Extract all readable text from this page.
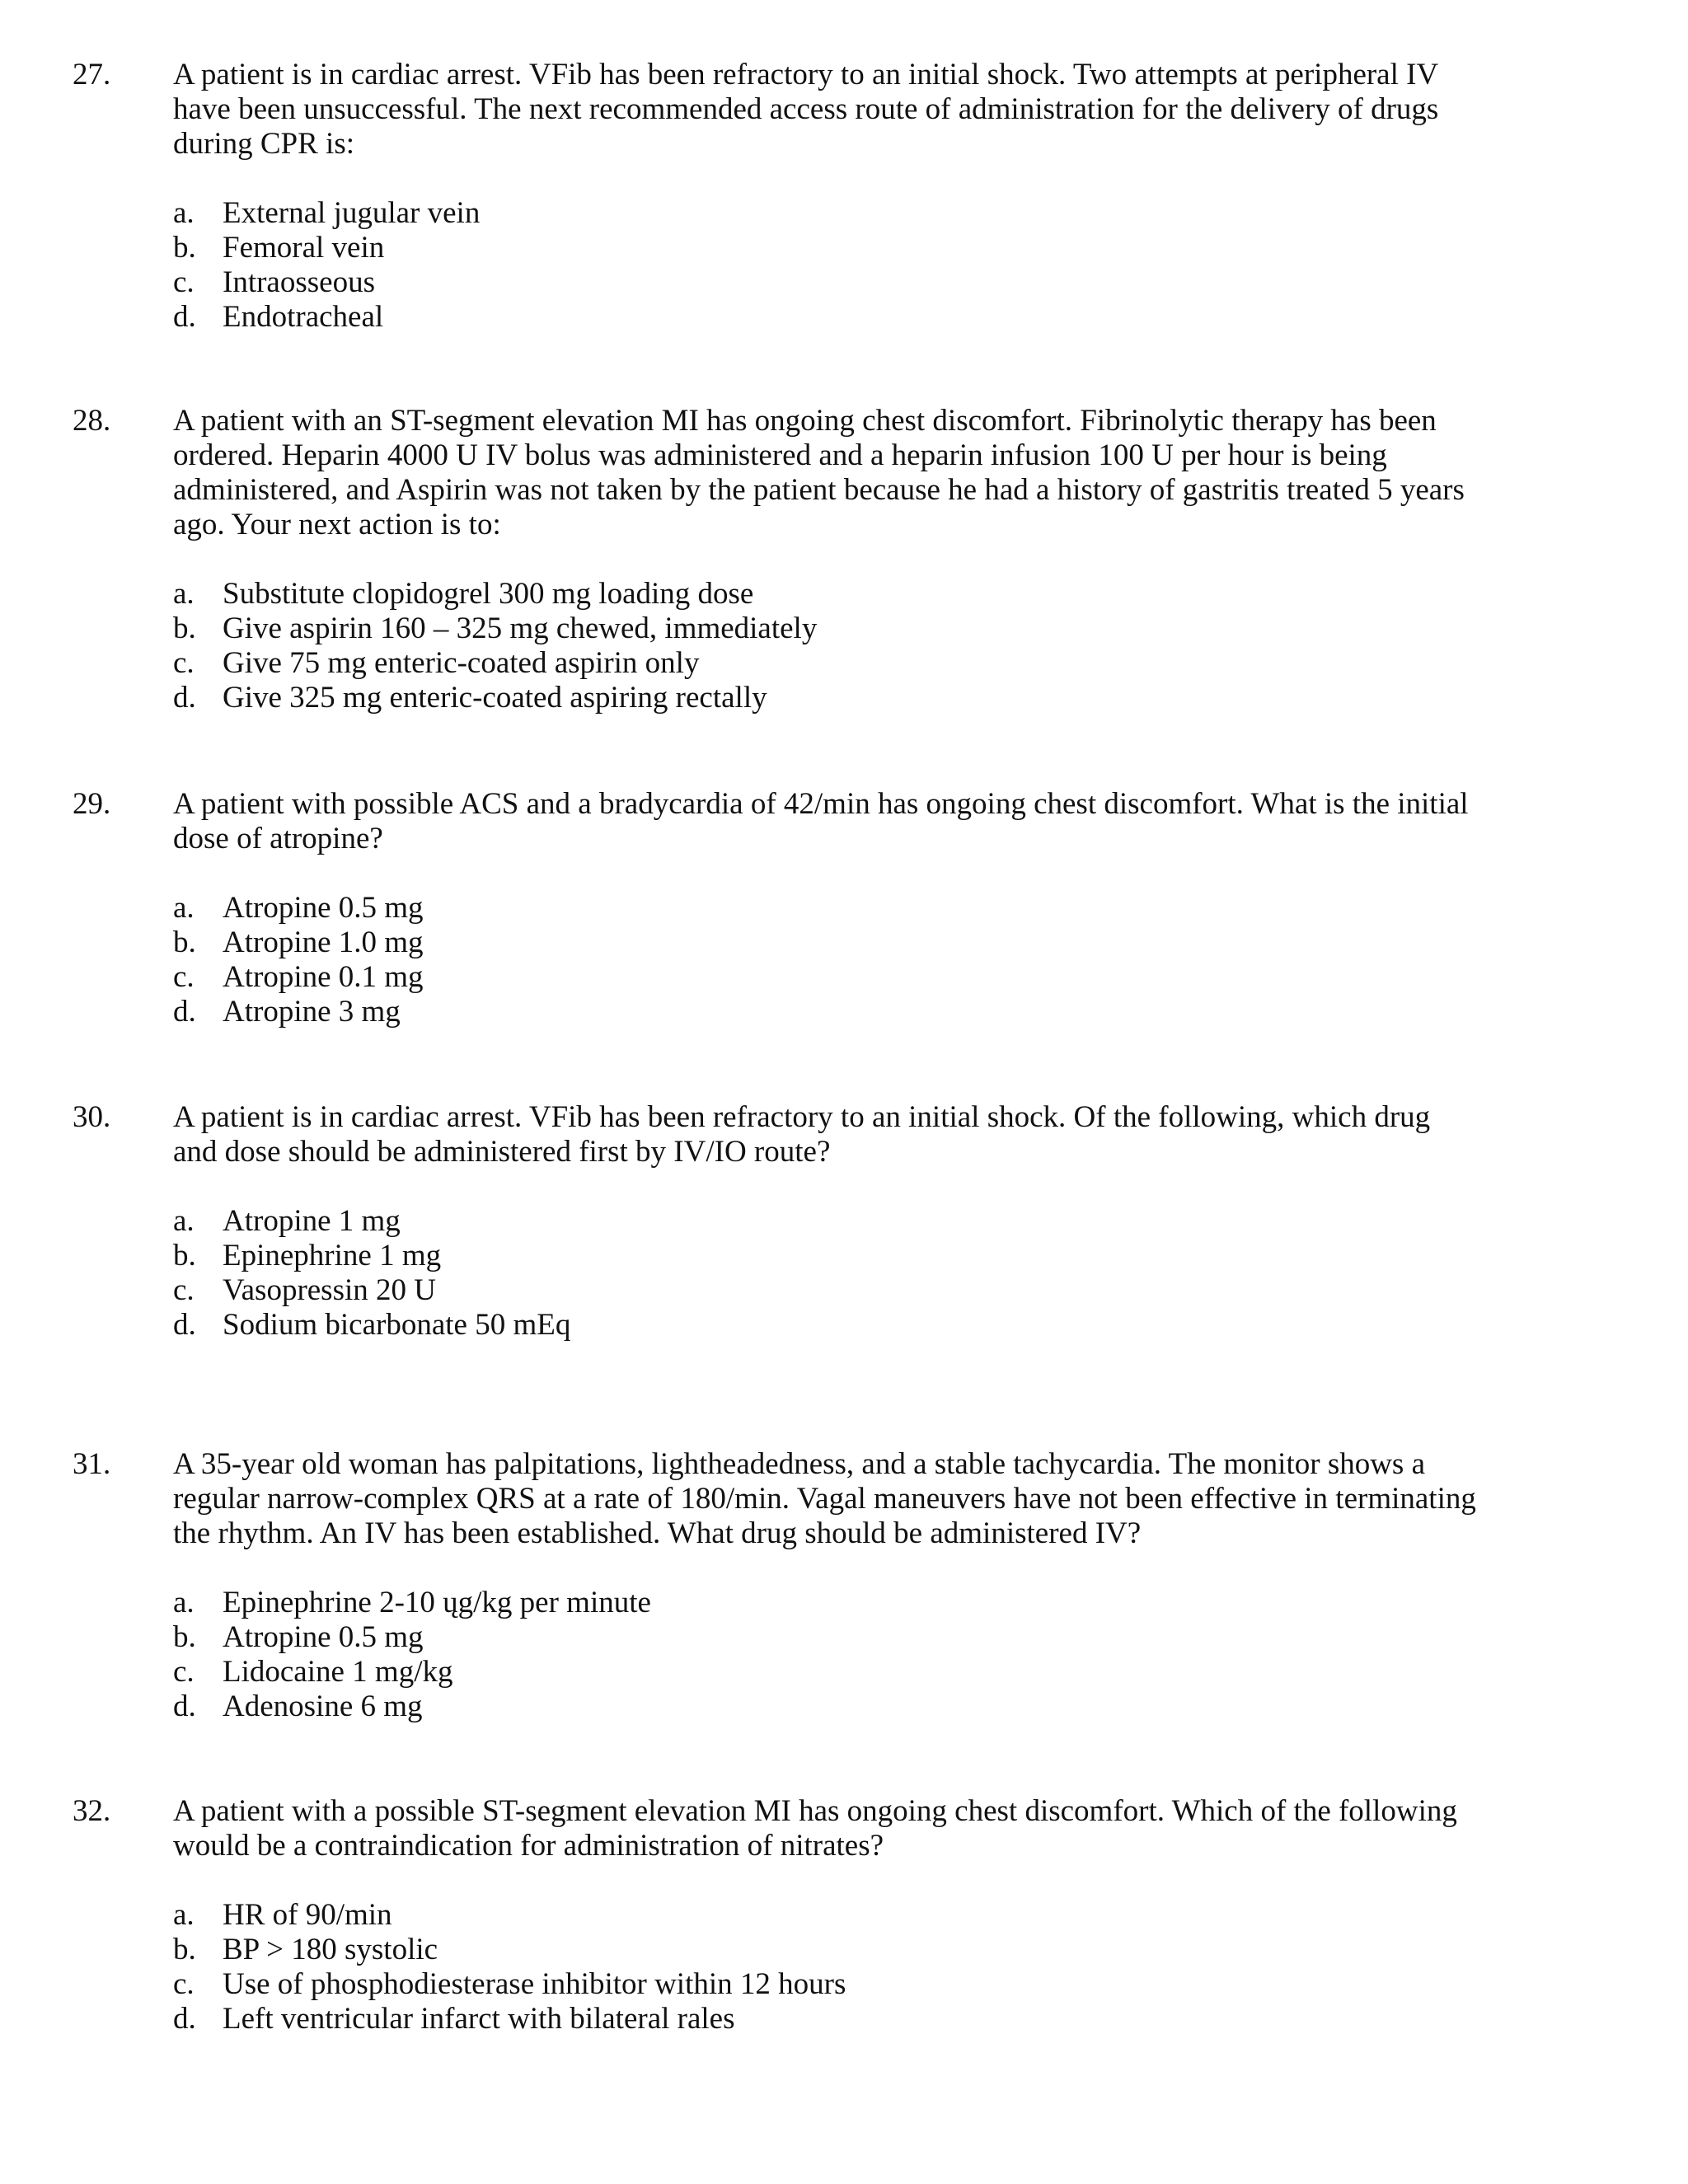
27. A patient is in cardiac arrest. VFib has been refractory to an initial shock. Two attempts at peripheral IV
have been unsuccessful. The next recommended access route of administration for the delivery of drugs
during CPR is:
a. External jugular vein
b. Femoral vein
c. Intraosseous
d. Endotracheal
28. A patient with an ST-segment elevation MI has ongoing chest discomfort. Fibrinolytic therapy has been
ordered. Heparin 4000 U IV bolus was administered and a heparin infusion 100 U per hour is being
administered, and Aspirin was not taken by the patient because he had a history of gastritis treated 5 years
ago. Your next action is to:
a. Substitute clopidogrel 300 mg loading dose
b. Give aspirin 160 – 325 mg chewed, immediately
c. Give 75 mg enteric-coated aspirin only
d. Give 325 mg enteric-coated aspiring rectally
29. A patient with possible ACS and a bradycardia of 42/min has ongoing chest discomfort. What is the initial
dose of atropine?
a. Atropine 0.5 mg
b. Atropine 1.0 mg
c. Atropine 0.1 mg
d. Atropine 3 mg
30. A patient is in cardiac arrest. VFib has been refractory to an initial shock. Of the following, which drug
and dose should be administered first by IV/IO route?
a. Atropine 1 mg
b. Epinephrine 1 mg
c. Vasopressin 20 U
d. Sodium bicarbonate 50 mEq
31. A 35-year old woman has palpitations, lightheadedness, and a stable tachycardia. The monitor shows a
regular narrow-complex QRS at a rate of 180/min. Vagal maneuvers have not been effective in terminating
the rhythm. An IV has been established. What drug should be administered IV?
a. Epinephrine 2-10 ųg/kg per minute
b. Atropine 0.5 mg
c. Lidocaine 1 mg/kg
d. Adenosine 6 mg
32. A patient with a possible ST-segment elevation MI has ongoing chest discomfort. Which of the following
would be a contraindication for administration of nitrates?
a. HR of 90/min
b. BP > 180 systolic
c. Use of phosphodiesterase inhibitor within 12 hours
d. Left ventricular infarct with bilateral rales
